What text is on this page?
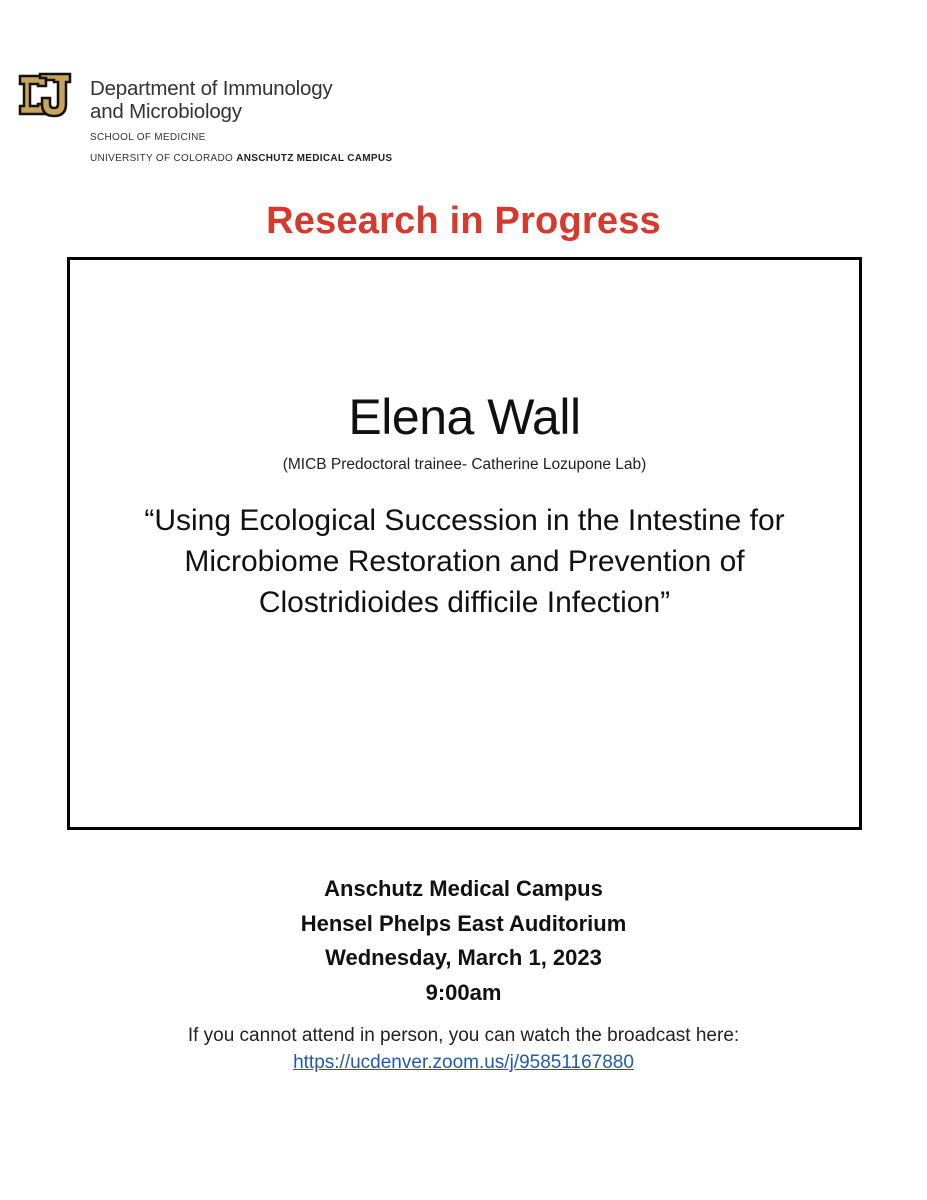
Department of Immunology
and Microbiology
SCHOOL OF MEDICINE
UNIVERSITY OF COLORADO ANSCHUTZ MEDICAL CAMPUS
Research in Progress
Elena Wall
(MICB Predoctoral trainee- Catherine Lozupone Lab)
“Using Ecological Succession in the Intestine for
Microbiome Restoration and Prevention of
Clostridioides difficile Infection”
Anschutz Medical Campus
Hensel Phelps East Auditorium
Wednesday, March 1, 2023
9:00am
If you cannot attend in person, you can watch the broadcast here:
https://ucdenver.zoom.us/j/95851167880
